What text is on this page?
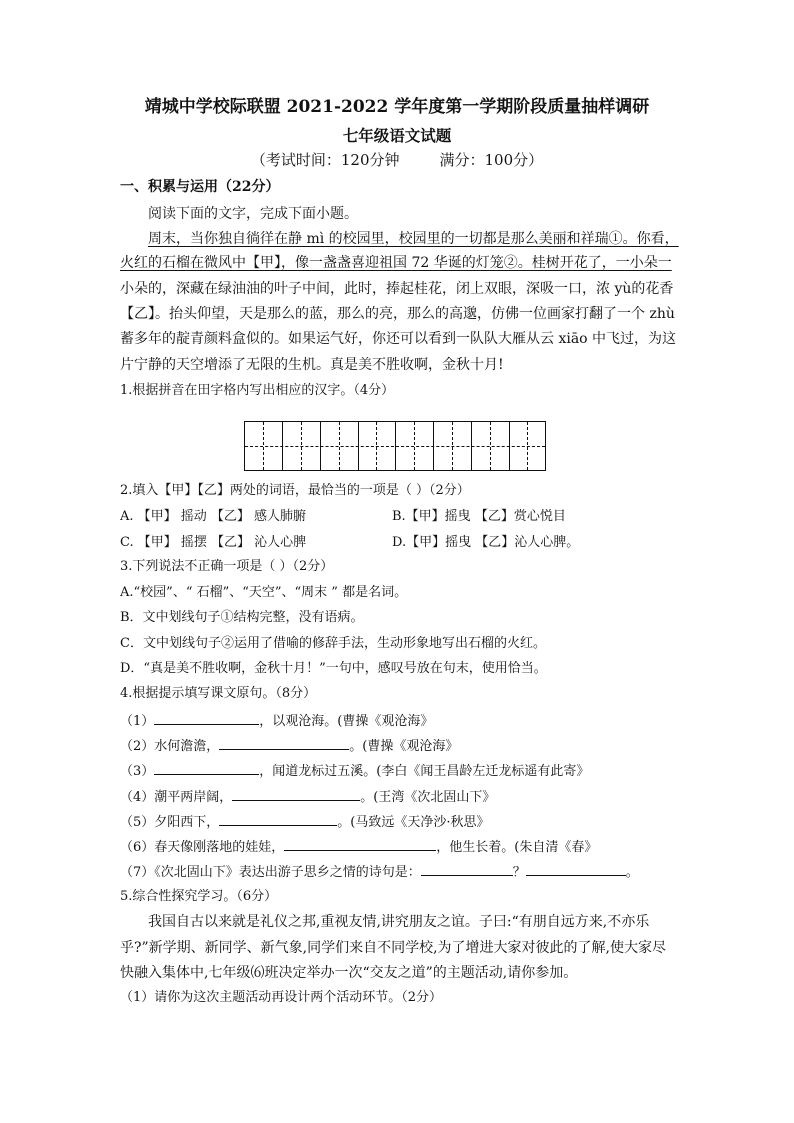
靖城中学校际联盟 2021-2022 学年度第一学期阶段质量抽样调研
七年级语文试题
（考试时间：120分钟	满分：100分）
一、积累与运用（22分）
阅读下面的文字，完成下面小题。
周末，当你独自徜徉在静 mì 的校园里，校园里的一切都是那么美丽和祥瑞①。你看，
火红的石榴在微风中【甲】，像一盏盏喜迎祖国 72 华诞的灯笼②。桂树开花了，一小朵一
小朵的，深藏在绿油油的叶子中间，此时，捧起桂花，闭上双眼，深吸一口，浓 yù的花香
【乙】。抬头仰望，天是那么的蓝，那么的亮，那么的高邈，仿佛一位画家打翻了一个 zhù
蓄多年的靛青颜料盒似的。如果运气好，你还可以看到一队队大雁从云 xiāo 中飞过，为这
片宁静的天空增添了无限的生机。真是美不胜收啊，金秋十月!
1.根据拼音在田字格内写出相应的汉字。（4分）
2.填入【甲】【乙】两处的词语，最恰当的一项是（ ）（2分）
A. 【甲】 摇动 【乙】 感人肺腑	B.【甲】摇曳 【乙】赏心悦目
C. 【甲】 摇摆 【乙】 沁人心脾	D.【甲】摇曳 【乙】沁人心脾。
3.下列说法不正确一项是（ ）（2分）
A.“校园”、“ 石榴”、“天空”、“周末 ” 都是名词。
B．文中划线句子①结构完整，没有语病。
C．文中划线句子②运用了借喻的修辞手法，生动形象地写出石榴的火红。
D．“真是美不胜收啊，金秋十月！”一句中，感叹号放在句末，使用恰当。
4.根据提示填写课文原句。（8分）
（1）	，以观沧海。(曹操《观沧海》
（2）水何澹澹，	。(曹操《观沧海》
（3）	，闻道龙标过五溪。(李白《闻王昌龄左迁龙标遥有此寄》
（4）潮平两岸阔，	。(王湾《次北固山下》
（5）夕阳西下，	。(马致远《天净沙·秋思》
（6）春天像刚落地的娃娃，	，他生长着。(朱自清《春》
（7）《次北固山下》表达出游子思乡之情的诗句是：	？	。
5.综合性探究学习。（6分）
我国自古以来就是礼仪之邦,重视友情,讲究朋友之谊。子曰:“有朋自远方来,不亦乐
乎?”新学期、新同学、新气象,同学们来自不同学校,为了增进大家对彼此的了解,使大家尽
快融入集体中,七年级⑹班决定举办一次“交友之道”的主题活动,请你参加。
（1）请你为这次主题活动再设计两个活动环节。（2分）
